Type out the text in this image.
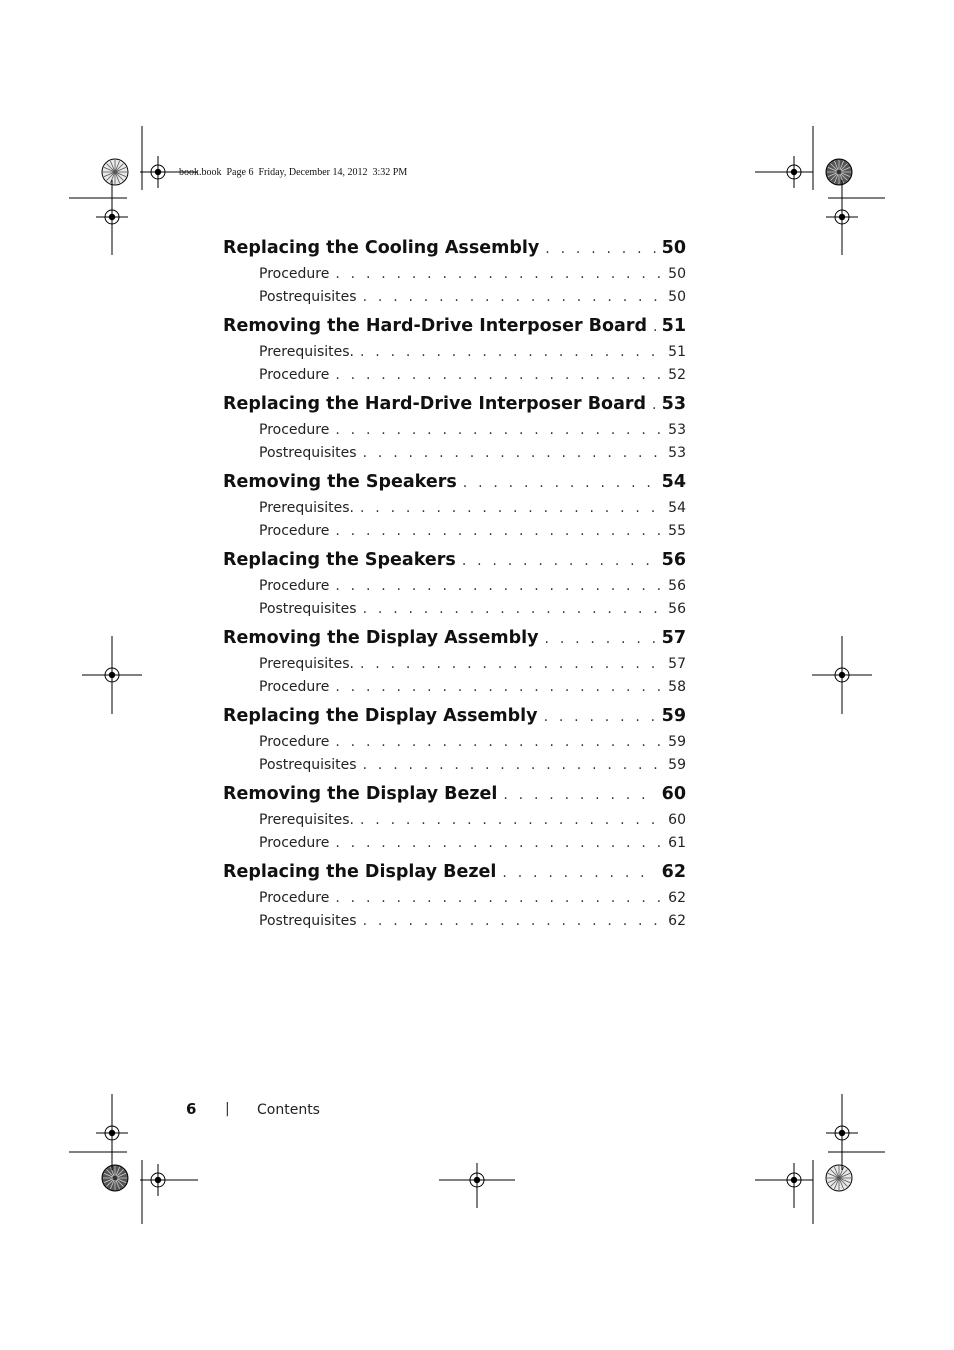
book.book  Page 6  Friday, December 14, 2012  3:32 PM
Replacing the Cooling Assembly . . .	50
Procedure . . .	50
Postrequisites . . .	50
Removing the Hard-Drive Interposer Board . . . 51
Prerequisites. . . .	51
Procedure . . .	52
Replacing the Hard-Drive Interposer Board . . . 53
Procedure . . .	53
Postrequisites . . .	53
Removing the Speakers . . .	54
Prerequisites. . . .	54
Procedure . . .	55
Replacing the Speakers . . .	56
Procedure . . .	56
Postrequisites . . .	56
Removing the Display Assembly . . .	57
Prerequisites. . . .	57
Procedure . . .	58
Replacing the Display Assembly . . .	59
Procedure . . .	59
Postrequisites . . .	59
Removing the Display Bezel . . .	60
Prerequisites. . . .	60
Procedure . . .	61
Replacing the Display Bezel . . .	62
Procedure . . .	62
Postrequisites . . .	62
6 | Contents
